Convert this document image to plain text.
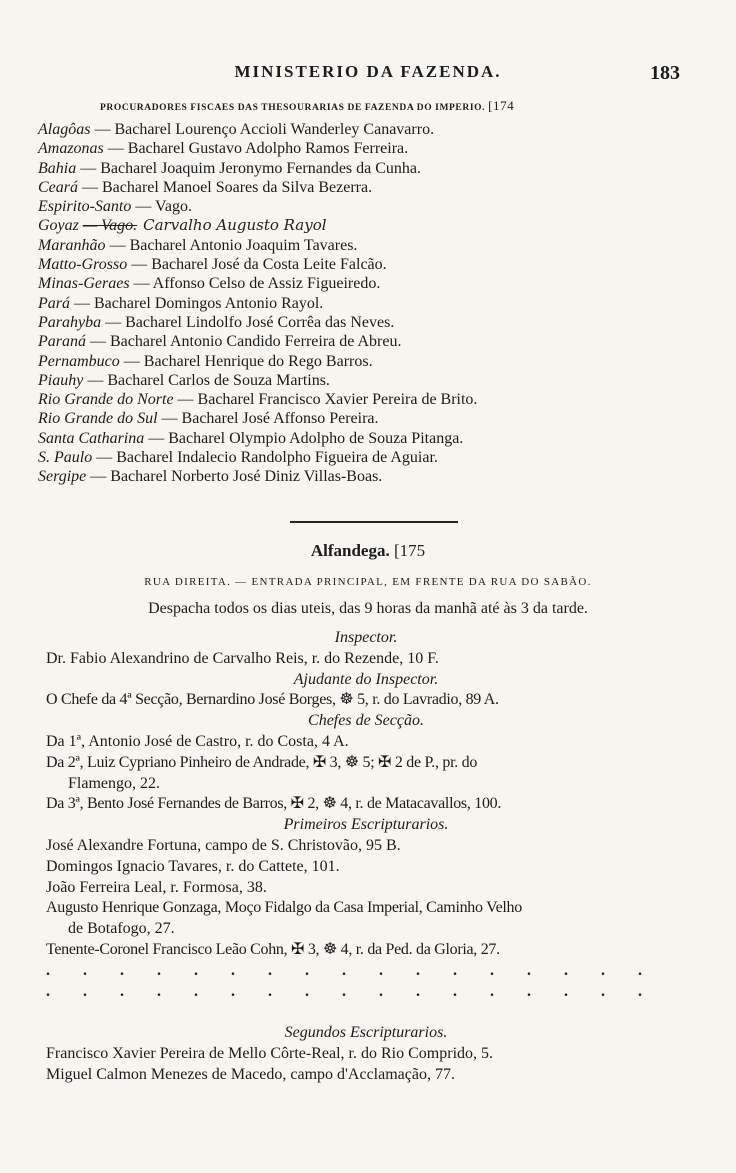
MINISTERIO DA FAZENDA.	183
PROCURADORES FISCAES DAS THESOURARIAS DE FAZENDA DO IMPERIO. [174
Alagôas — Bacharel Lourenço Accioli Wanderley Canavarro.
Amazonas — Bacharel Gustavo Adolpho Ramos Ferreira.
Bahia — Bacharel Joaquim Jeronymo Fernandes da Cunha.
Ceará — Bacharel Manoel Soares da Silva Bezerra.
Espirito-Santo — Vago.
Goyaz — Vago. Carvalho Augusto Rayol
Maranhão — Bacharel Antonio Joaquim Tavares.
Matto-Grosso — Bacharel José da Costa Leite Falcão.
Minas-Geraes — Affonso Celso de Assiz Figueiredo.
Pará — Bacharel Domingos Antonio Rayol.
Parahyba — Bacharel Lindolfo José Corrêa das Neves.
Paraná — Bacharel Antonio Candido Ferreira de Abreu.
Pernambuco — Bacharel Henrique do Rego Barros.
Piauhy — Bacharel Carlos de Souza Martins.
Rio Grande do Norte — Bacharel Francisco Xavier Pereira de Brito.
Rio Grande do Sul — Bacharel José Affonso Pereira.
Santa Catharina — Bacharel Olympio Adolpho de Souza Pitanga.
S. Paulo — Bacharel Indalecio Randolpho Figueira de Aguiar.
Sergipe — Bacharel Norberto José Diniz Villas-Boas.
Alfandega. [175
RUA DIREITA. — ENTRADA PRINCIPAL, EM FRENTE DA RUA DO SABÃO.
Despacha todos os dias uteis, das 9 horas da manhã até às 3 da tarde.
Inspector.
Dr. Fabio Alexandrino de Carvalho Reis, r. do Rezende, 10 F.
Ajudante do Inspector.
O Chefe da 4ª Secção, Bernardino José Borges, ☸ 5, r. do Lavradio, 89 A.
Chefes de Secção.
Da 1ª, Antonio José de Castro, r. do Costa, 4 A.
Da 2ª, Luiz Cypriano Pinheiro de Andrade, ✠ 3, ☸ 5; ✠ 2 de P., pr. do
Flamengo, 22.
Da 3ª, Bento José Fernandes de Barros, ✠ 2, ☸ 4, r. de Matacavallos, 100.
Primeiros Escripturarios.
José Alexandre Fortuna, campo de S. Christovão, 95 B.
Domingos Ignacio Tavares, r. do Cattete, 101.
João Ferreira Leal, r. Formosa, 38.
Augusto Henrique Gonzaga, Moço Fidalgo da Casa Imperial, Caminho Velho
de Botafogo, 27.
Tenente-Coronel Francisco Leão Cohn, ✠ 3, ☸ 4, r. da Ped. da Gloria, 27.
. . . . . . . . . . . . . . . . .
. . . . . . . . . . . . . . . . .
Segundos Escripturarios.
Francisco Xavier Pereira de Mello Côrte-Real, r. do Rio Comprido, 5.
Miguel Calmon Menezes de Macedo, campo d'Acclamação, 77.
